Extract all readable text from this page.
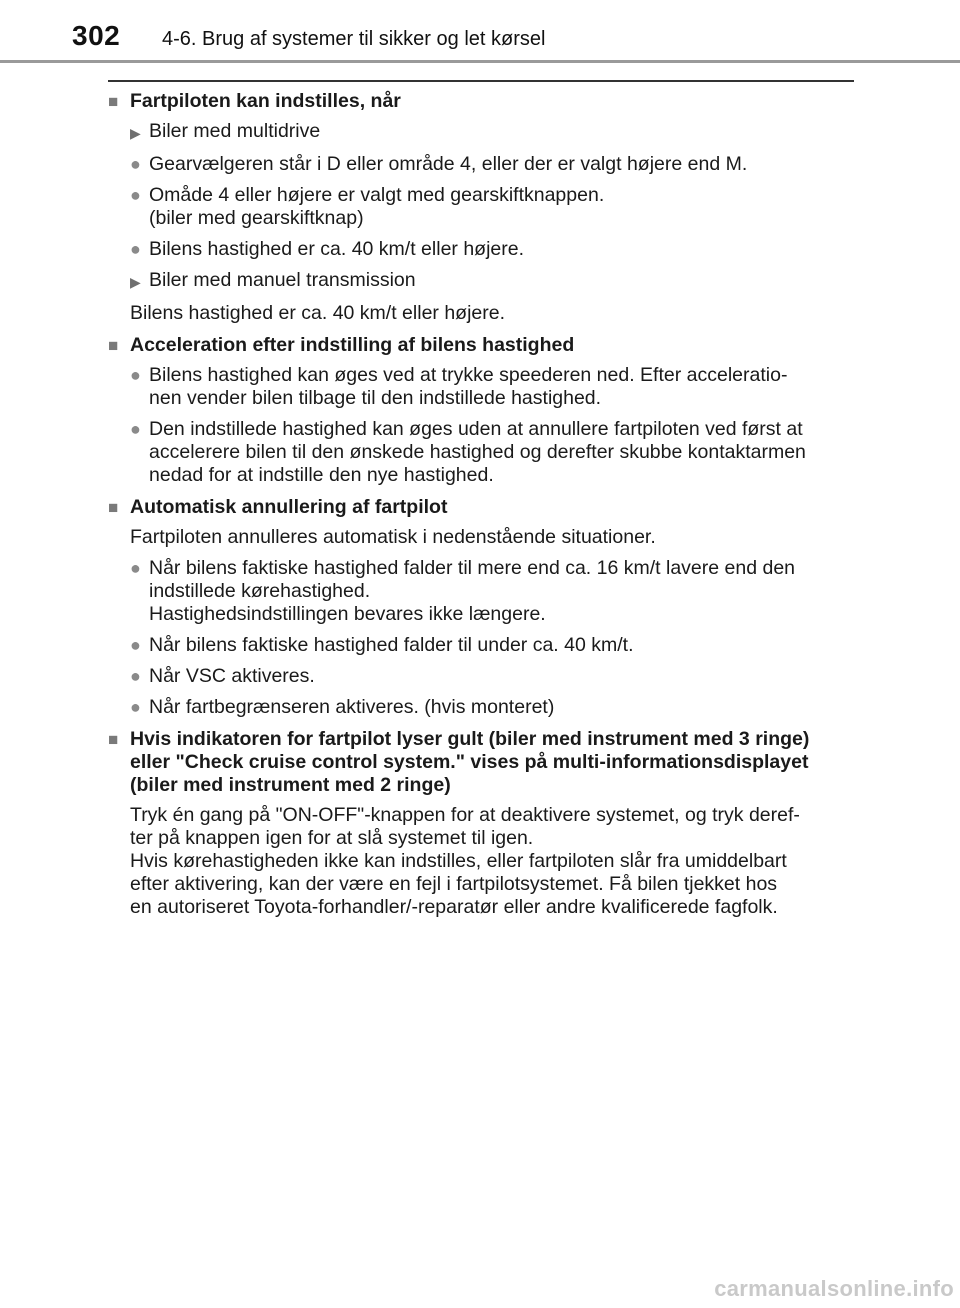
302 4-6. Brug af systemer til sikker og let kørsel
■ Fartpiloten kan indstilles, når
▶ Biler med multidrive
● Gearvælgeren står i D eller område 4, eller der er valgt højere end M.
● Omåde 4 eller højere er valgt med gearskiftknappen.
(biler med gearskiftknap)
● Bilens hastighed er ca. 40 km/t eller højere.
▶ Biler med manuel transmission
Bilens hastighed er ca. 40 km/t eller højere.
■ Acceleration efter indstilling af bilens hastighed
● Bilens hastighed kan øges ved at trykke speederen ned. Efter acceleratio-
nen vender bilen tilbage til den indstillede hastighed.
● Den indstillede hastighed kan øges uden at annullere fartpiloten ved først at
accelerere bilen til den ønskede hastighed og derefter skubbe kontaktarmen
nedad for at indstille den nye hastighed.
■ Automatisk annullering af fartpilot
Fartpiloten annulleres automatisk i nedenstående situationer.
● Når bilens faktiske hastighed falder til mere end ca. 16 km/t lavere end den
indstillede kørehastighed.
Hastighedsindstillingen bevares ikke længere.
● Når bilens faktiske hastighed falder til under ca. 40 km/t.
● Når VSC aktiveres.
● Når fartbegrænseren aktiveres. (hvis monteret)
■ Hvis indikatoren for fartpilot lyser gult (biler med instrument med 3 ringe)
eller "Check cruise control system." vises på multi-informationsdisplayet
(biler med instrument med 2 ringe)
Tryk én gang på "ON-OFF"-knappen for at deaktivere systemet, og tryk deref-
ter på knappen igen for at slå systemet til igen.
Hvis kørehastigheden ikke kan indstilles, eller fartpiloten slår fra umiddelbart
efter aktivering, kan der være en fejl i fartpilotsystemet. Få bilen tjekket hos
en autoriseret Toyota-forhandler/-reparatør eller andre kvalificerede fagfolk.
carmanualsonline.info
